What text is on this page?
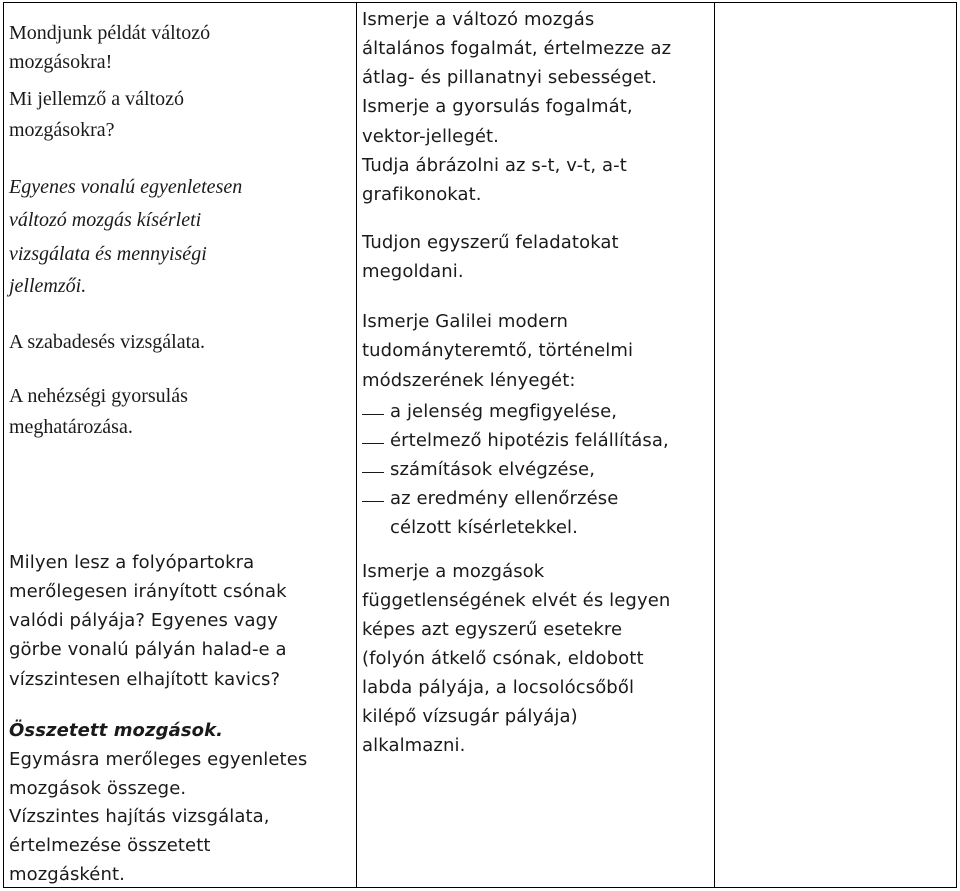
Mondjunk példát változó
mozgásokra!
Mi jellemző a változó
mozgásokra?
Egyenes vonalú egyenletesen
változó mozgás kísérleti
vizsgálata és mennyiségi
jellemzői.
A szabadesés vizsgálata.
A nehézségi gyorsulás
meghatározása.
Milyen lesz a folyópartokra
merőlegesen irányított csónak
valódi pályája? Egyenes vagy
görbe vonalú pályán halad-e a
vízszintesen elhajított kavics?
Összetett mozgások.
Egymásra merőleges egyenletes
mozgások összege.
Vízszintes hajítás vizsgálata,
értelmezése összetett
mozgásként.
Ismerje a változó mozgás
általános fogalmát, értelmezze az
átlag- és pillanatnyi sebességet.
Ismerje a gyorsulás fogalmát,
vektor-jellegét.
Tudja ábrázolni az s-t, v-t, a-t
grafikonokat.
Tudjon egyszerű feladatokat
megoldani.
Ismerje Galilei modern
tudományteremtő, történelmi
módszerének lényegét:
a jelenség megfigyelése,
értelmező hipotézis felállítása,
számítások elvégzése,
az eredmény ellenőrzése
célzott kísérletekkel.
Ismerje a mozgások
függetlenségének elvét és legyen
képes azt egyszerű esetekre
(folyón átkelő csónak, eldobott
labda pályája, a locsolócsőből
kilépő vízsugár pályája)
alkalmazni.
